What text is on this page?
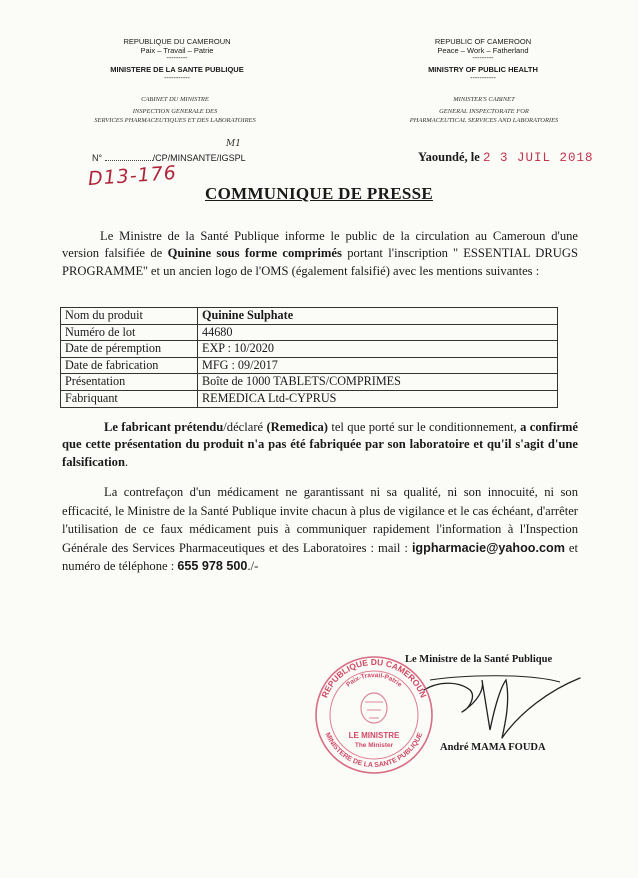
REPUBLIQUE DU CAMEROUN
Paix – Travail – Patrie
---------
MINISTERE DE LA SANTE PUBLIQUE
-----------
CABINET DU MINISTRE
INSPECTION GENERALE DES
SERVICES PHARMACEUTIQUES ET DES LABORATOIRES
REPUBLIC OF CAMEROON
Peace – Work – Fatherland
---------
MINISTRY OF PUBLIC HEALTH
-----------
MINISTER'S CABINET
GENERAL INSPECTORATE FOR
PHARMACEUTICAL SERVICES AND LABORATORIES
N°	/CP/MINSANTE/IGSPL
M1
D13-176
Yaoundé, le 2 3 JUIL 2018
COMMUNIQUE DE PRESSE
Le Ministre de la Santé Publique informe le public de la circulation au Cameroun d'une version falsifiée de Quinine sous forme comprimés portant l'inscription '' ESSENTIAL DRUGS PROGRAMME'' et un ancien logo de l'OMS (également falsifié) avec les mentions suivantes :
Nom du produit	Quinine Sulphate
Numéro de lot	44680
Date de péremption	EXP : 10/2020
Date de fabrication	MFG : 09/2017
Présentation	Boîte de 1000 TABLETS/COMPRIMES
Fabriquant	REMEDICA Ltd-CYPRUS
Le fabricant prétendu/déclaré (Remedica) tel que porté sur le conditionnement, a confirmé que cette présentation du produit n'a pas été fabriquée par son laboratoire et qu'il s'agit d'une falsification.
La contrefaçon d'un médicament ne garantissant ni sa qualité, ni son innocuité, ni son efficacité, le Ministre de la Santé Publique invite chacun à plus de vigilance et le cas échéant, d'arrêter l'utilisation de ce faux médicament puis à communiquer rapidement l'information à l'Inspection Générale des Services Pharmaceutiques et des Laboratoires : mail : igpharmacie@yahoo.com et numéro de téléphone : 655 978 500./-
Le Ministre de la Santé Publique
REPUBLIQUE DU CAMEROUN
Paix-Travail-Patrie
MINISTERE DE LA SANTE PUBLIQUE
LE MINISTRE
The Minister	André MAMA FOUDA
